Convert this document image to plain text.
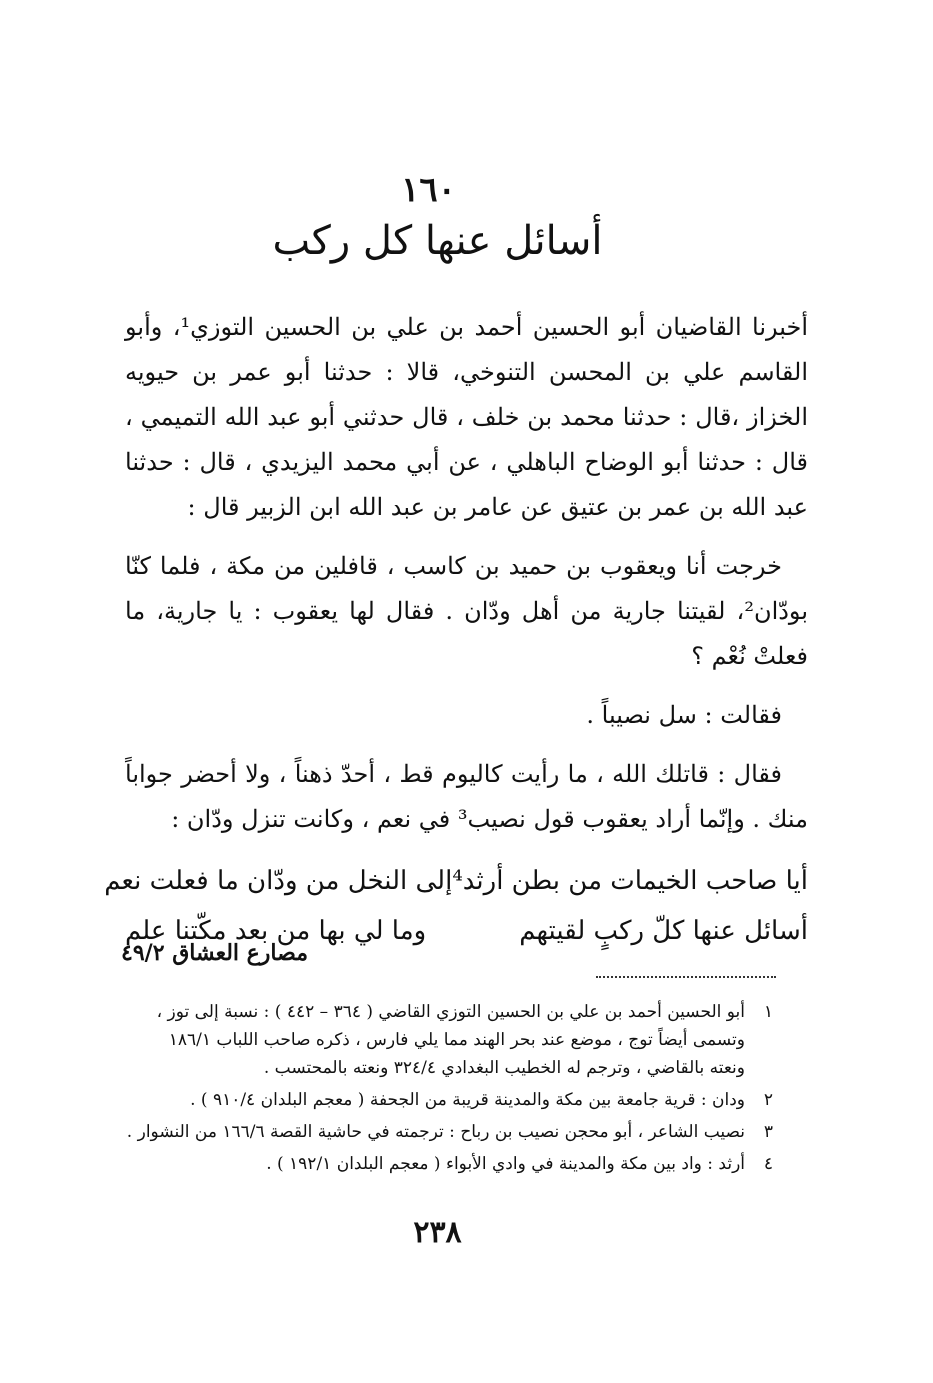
١٦٠
أسائل عنها كل ركب

أخبرنا القاضيان أبو الحسين أحمد بن علي بن الحسين التوزي¹، وأبو القاسم علي بن المحسن التنوخي، قالا : حدثنا أبو عمر بن حيويه الخزاز ،قال : حدثنا محمد بن خلف ، قال حدثني أبو عبد الله التميمي ، قال : حدثنا أبو الوضاح الباهلي ، عن أبي محمد اليزيدي ، قال : حدثنا عبد الله بن عمر بن عتيق عن عامر بن عبد الله ابن الزبير قال :

خرجت أنا ويعقوب بن حميد بن كاسب ، قافلين من مكة ، فلما كنّا بودّان²، لقيتنا جارية من أهل ودّان . فقال لها يعقوب : يا جارية، ما فعلتْ نُعْم ؟

فقالت : سل نصيباً .

فقال : قاتلك الله ، ما رأيت كاليوم قط ، أحدّ ذهناً ، ولا أحضر جواباً منك . وإنّما أراد يعقوب قول نصيب³ في نعم ، وكانت تنزل ودّان :

أيا صاحب الخيمات من بطن أرثد⁴
إلى النخل من ودّان ما فعلت نعم
أسائل عنها كلّ ركبٍ لقيتهم
وما لي بها من بعد مكّتنا علم
مصارع العشاق ٤٩/٢
١
أبو الحسين أحمد بن علي بن الحسين التوزي القاضي ( ٣٦٤ – ٤٤٢ ) : نسبة إلى توز ،
وتسمى أيضاً توج ، موضع عند بحر الهند مما يلي فارس ، ذكره صاحب اللباب ١٨٦/١
ونعته بالقاضي ، وترجم له الخطيب البغدادي ٣٢٤/٤ ونعته بالمحتسب .
٢
ودان : قرية جامعة بين مكة والمدينة قريبة من الجحفة ( معجم البلدان ٩١٠/٤ ) .
٣
نصيب الشاعر ، أبو محجن نصيب بن رباح : ترجمته في حاشية القصة ١٦٦/٦ من النشوار .
٤
أرثد : واد بين مكة والمدينة في وادي الأبواء ( معجم البلدان ١٩٢/١ ) .
٢٣٨
